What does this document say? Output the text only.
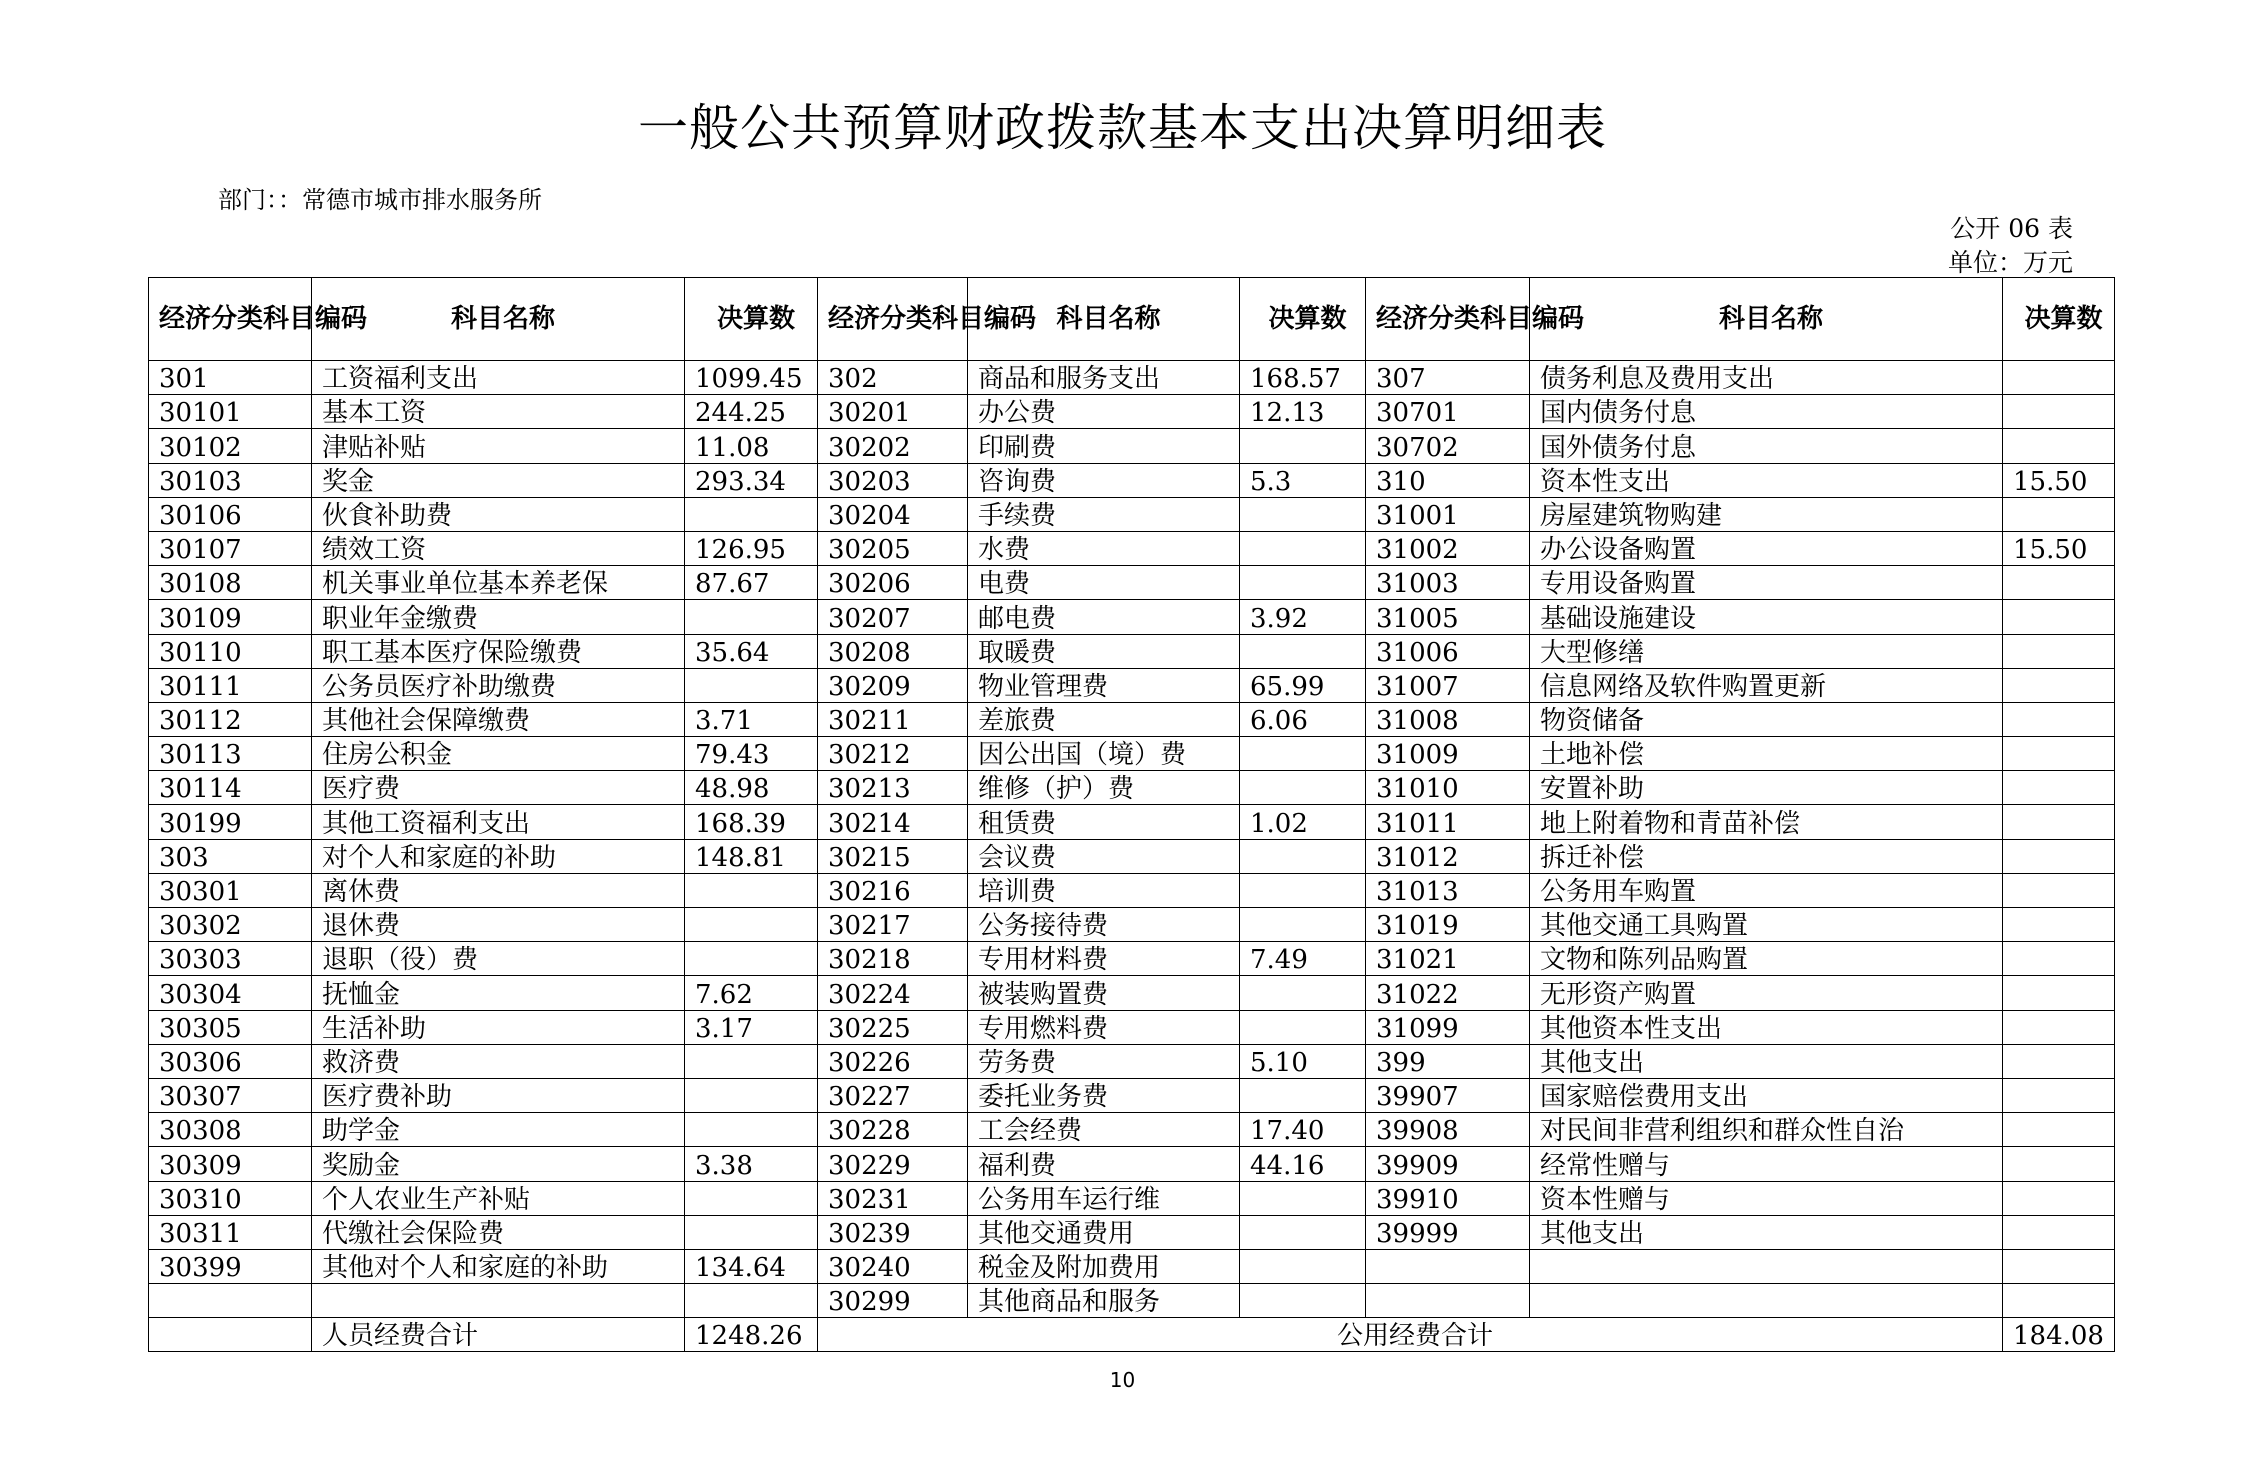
一般公共预算财政拨款基本支出决算明细表
部门：：常德市城市排水服务所
公开 06 表
单位：万元
经济分类科目编码	科目名称	决算数	经济分类科目编码	科目名称	决算数	经济分类科目编码	科目名称	决算数
301	工资福利支出	1099.45	302	商品和服务支出	168.57	307	债务利息及费用支出	
30101	基本工资	244.25	30201	办公费	12.13	30701	国内债务付息	
30102	津贴补贴	11.08	30202	印刷费		30702	国外债务付息	
30103	奖金	293.34	30203	咨询费	5.3	310	资本性支出	15.50
30106	伙食补助费		30204	手续费		31001	房屋建筑物购建	
30107	绩效工资	126.95	30205	水费		31002	办公设备购置	15.50
30108	机关事业单位基本养老保	87.67	30206	电费		31003	专用设备购置	
30109	职业年金缴费		30207	邮电费	3.92	31005	基础设施建设	
30110	职工基本医疗保险缴费	35.64	30208	取暖费		31006	大型修缮	
30111	公务员医疗补助缴费		30209	物业管理费	65.99	31007	信息网络及软件购置更新	
30112	其他社会保障缴费	3.71	30211	差旅费	6.06	31008	物资储备	
30113	住房公积金	79.43	30212	因公出国（境）费		31009	土地补偿	
30114	医疗费	48.98	30213	维修（护）费		31010	安置补助	
30199	其他工资福利支出	168.39	30214	租赁费	1.02	31011	地上附着物和青苗补偿	
303	对个人和家庭的补助	148.81	30215	会议费		31012	拆迁补偿	
30301	离休费		30216	培训费		31013	公务用车购置	
30302	退休费		30217	公务接待费		31019	其他交通工具购置	
30303	退职（役）费		30218	专用材料费	7.49	31021	文物和陈列品购置	
30304	抚恤金	7.62	30224	被装购置费		31022	无形资产购置	
30305	生活补助	3.17	30225	专用燃料费		31099	其他资本性支出	
30306	救济费		30226	劳务费	5.10	399	其他支出	
30307	医疗费补助		30227	委托业务费		39907	国家赔偿费用支出	
30308	助学金		30228	工会经费	17.40	39908	对民间非营利组织和群众性自治	
30309	奖励金	3.38	30229	福利费	44.16	39909	经常性赠与	
30310	个人农业生产补贴		30231	公务用车运行维		39910	资本性赠与	
30311	代缴社会保险费		30239	其他交通费用		39999	其他支出	
30399	其他对个人和家庭的补助	134.64	30240	税金及附加费用				
			30299	其他商品和服务				
	人员经费合计	1248.26	公用经费合计					184.08
10
